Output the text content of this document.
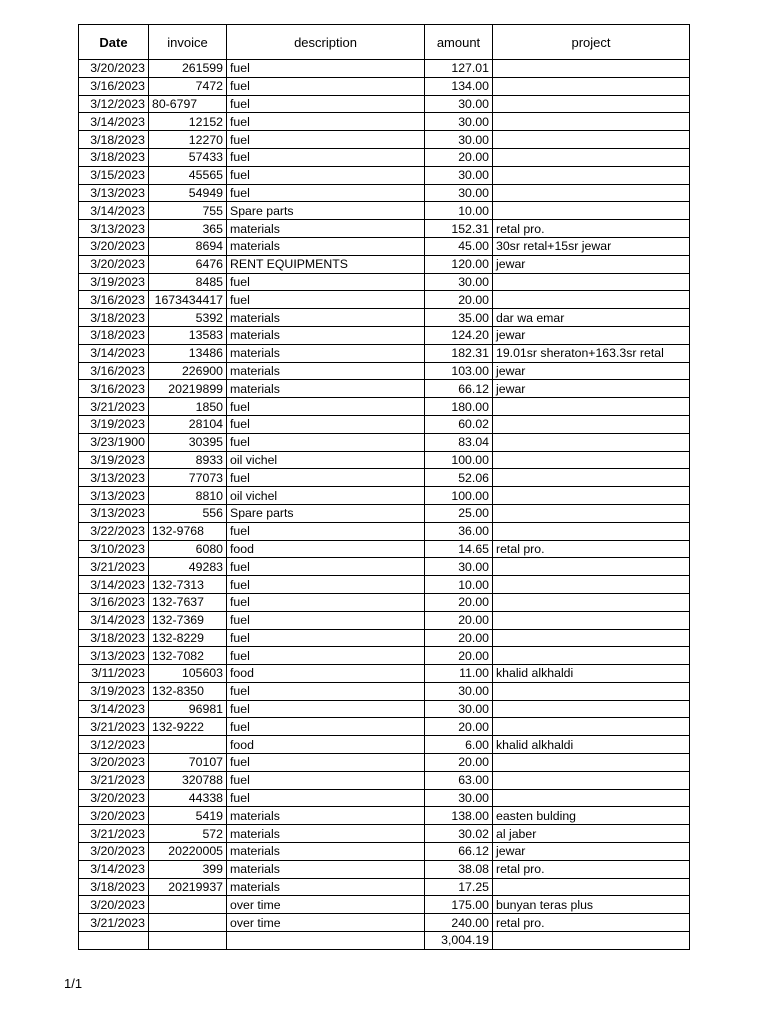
Date	invoice	description	amount	project
3/20/2023	261599	fuel	127.01	
3/16/2023	7472	fuel	134.00	
3/12/2023	80-6797	fuel	30.00	
3/14/2023	12152	fuel	30.00	
3/18/2023	12270	fuel	30.00	
3/18/2023	57433	fuel	20.00	
3/15/2023	45565	fuel	30.00	
3/13/2023	54949	fuel	30.00	
3/14/2023	755	Spare parts	10.00	
3/13/2023	365	materials	152.31	retal pro.
3/20/2023	8694	materials	45.00	30sr retal+15sr jewar
3/20/2023	6476	RENT EQUIPMENTS	120.00	jewar
3/19/2023	8485	fuel	30.00	
3/16/2023	1673434417	fuel	20.00	
3/18/2023	5392	materials	35.00	dar wa emar
3/18/2023	13583	materials	124.20	jewar
3/14/2023	13486	materials	182.31	19.01sr sheraton+163.3sr retal
3/16/2023	226900	materials	103.00	jewar
3/16/2023	20219899	materials	66.12	jewar
3/21/2023	1850	fuel	180.00	
3/19/2023	28104	fuel	60.02	
3/23/1900	30395	fuel	83.04	
3/19/2023	8933	oil vichel	100.00	
3/13/2023	77073	fuel	52.06	
3/13/2023	8810	oil vichel	100.00	
3/13/2023	556	Spare parts	25.00	
3/22/2023	132-9768	fuel	36.00	
3/10/2023	6080	food	14.65	retal pro.
3/21/2023	49283	fuel	30.00	
3/14/2023	132-7313	fuel	10.00	
3/16/2023	132-7637	fuel	20.00	
3/14/2023	132-7369	fuel	20.00	
3/18/2023	132-8229	fuel	20.00	
3/13/2023	132-7082	fuel	20.00	
3/11/2023	105603	food	11.00	khalid alkhaldi
3/19/2023	132-8350	fuel	30.00	
3/14/2023	96981	fuel	30.00	
3/21/2023	132-9222	fuel	20.00	
3/12/2023		food	6.00	khalid alkhaldi
3/20/2023	70107	fuel	20.00	
3/21/2023	320788	fuel	63.00	
3/20/2023	44338	fuel	30.00	
3/20/2023	5419	materials	138.00	easten bulding
3/21/2023	572	materials	30.02	al jaber
3/20/2023	20220005	materials	66.12	jewar
3/14/2023	399	materials	38.08	retal pro.
3/18/2023	20219937	materials	17.25	
3/20/2023		over time	175.00	bunyan teras plus
3/21/2023		over time	240.00	retal pro.
			3,004.19	
1/1
